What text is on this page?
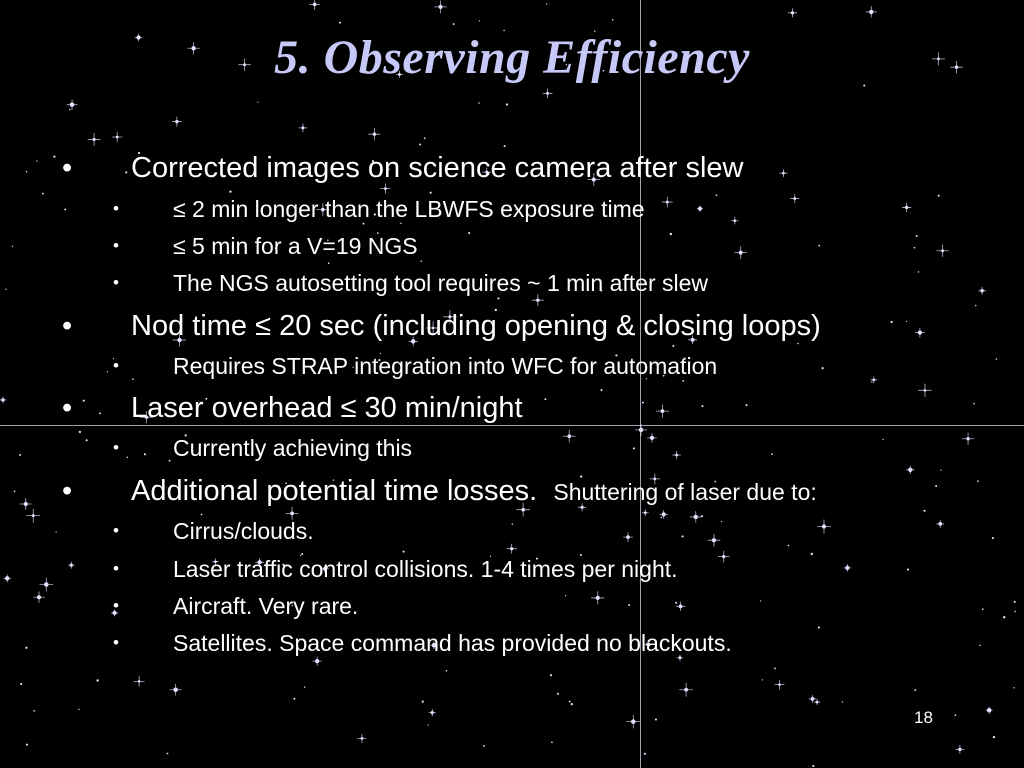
5. Observing Efficiency
• Corrected images on science camera after slew
• ≤ 2 min longer than the LBWFS exposure time
• ≤ 5 min for a V=19 NGS
• The NGS autosetting tool requires ~ 1 min after slew
• Nod time ≤ 20 sec (including opening & closing loops)
• Requires STRAP integration into WFC for automation
• Laser overhead ≤ 30 min/night
• Currently achieving this
• Additional potential time losses. Shuttering of laser due to:
• Cirrus/clouds.
• Laser traffic control collisions. 1-4 times per night.
• Aircraft. Very rare.
• Satellites. Space command has provided no blackouts.
18
